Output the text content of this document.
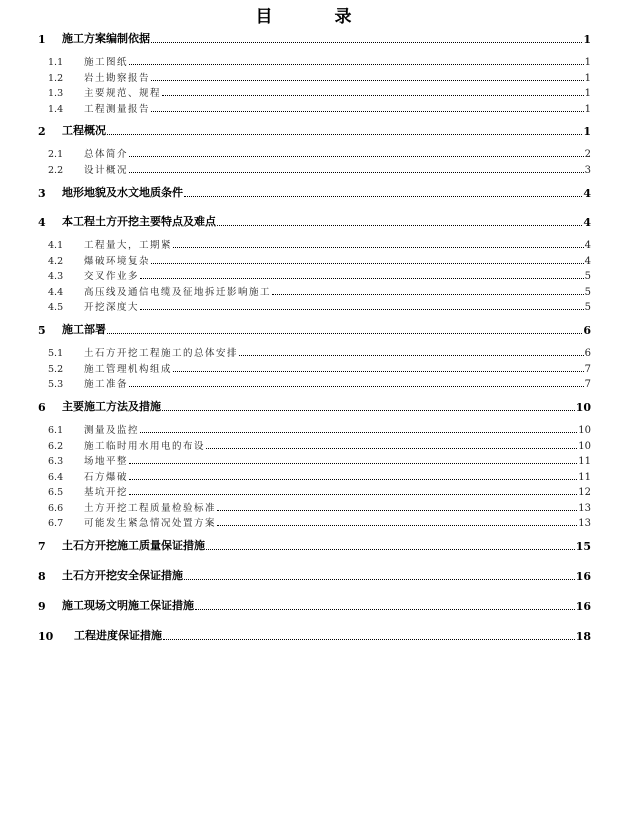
目 录
1	施工方案编制依据	1
1.1	施工图纸	1
1.2	岩土勘察报告	1
1.3	主要规范、规程	1
1.4	工程测量报告	1
2	工程概况	1
2.1	总体简介	2
2.2	设计概况	3
3	地形地貌及水文地质条件	4
4	本工程土方开挖主要特点及难点	4
4.1	工程量大，工期紧	4
4.2	爆破环境复杂	4
4.3	交叉作业多	5
4.4	高压线及通信电缆及征地拆迁影响施工	5
4.5	开挖深度大	5
5	施工部署	6
5.1	土石方开挖工程施工的总体安排	6
5.2	施工管理机构组成	7
5.3	施工准备	7
6	主要施工方法及措施	10
6.1	测量及监控	10
6.2	施工临时用水用电的布设	10
6.3	场地平整	11
6.4	石方爆破	11
6.5	基坑开挖	12
6.6	土方开挖工程质量检验标准	13
6.7	可能发生紧急情况处置方案	13
7	土石方开挖施工质量保证措施	15
8	土石方开挖安全保证措施	16
9	施工现场文明施工保证措施	16
10	工程进度保证措施	18
